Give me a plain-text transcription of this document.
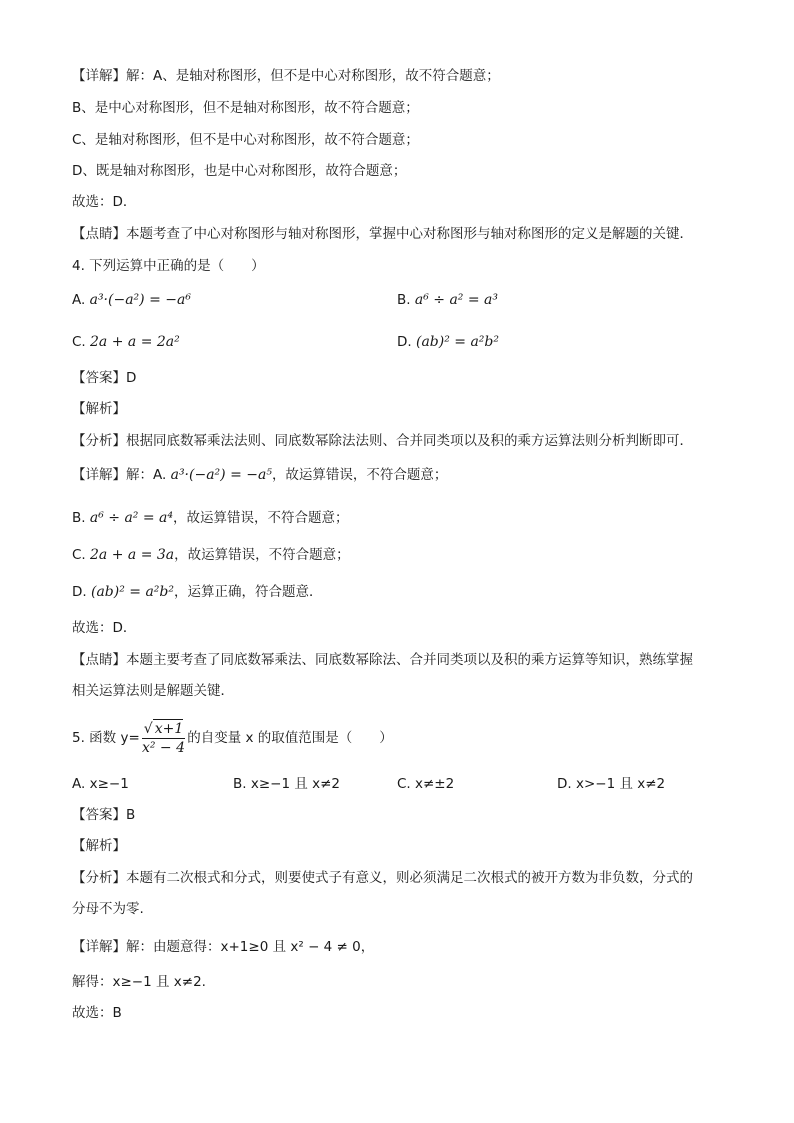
【详解】解：A、是轴对称图形，但不是中心对称图形，故不符合题意；
B、是中心对称图形，但不是轴对称图形，故不符合题意；
C、是轴对称图形，但不是中心对称图形，故不符合题意；
D、既是轴对称图形，也是中心对称图形，故符合题意；
故选：D．
【点睛】本题考查了中心对称图形与轴对称图形，掌握中心对称图形与轴对称图形的定义是解题的关键．
4. 下列运算中正确的是（　　）
A. a³·(−a²) = −a⁶	B. a⁶ ÷ a² = a³
C. 2a + a = 2a²	D. (ab)² = a²b²
【答案】D
【解析】
【分析】根据同底数幂乘法法则、同底数幂除法法则、合并同类项以及积的乘方运算法则分析判断即可．
【详解】解：A. a³·(−a²) = −a⁵，故运算错误，不符合题意；
B. a⁶ ÷ a² = a⁴，故运算错误，不符合题意；
C. 2a + a = 3a，故运算错误，不符合题意；
D. (ab)² = a²b²，运算正确，符合题意．
故选：D．
【点睛】本题主要考查了同底数幂乘法、同底数幂除法、合并同类项以及积的乘方运算等知识，熟练掌握
相关运算法则是解题关键．
5. 函数 $y= \frac{√ x+1}{\text{x² − 4}}$ 的自变量 x 的取值范围是（　　）
A. x≥−1	B. x≥−1 且 x≠2	C. x≠±2	D. x>−1 且 x≠2
【答案】B
【解析】
【分析】本题有二次根式和分式，则要使式子有意义，则必须满足二次根式的被开方数为非负数，分式的
分母不为零.
【详解】解：由题意得：x+1≥0 且 x² − 4 ≠ 0，
解得：x≥−1 且 x≠2.
故选：B
